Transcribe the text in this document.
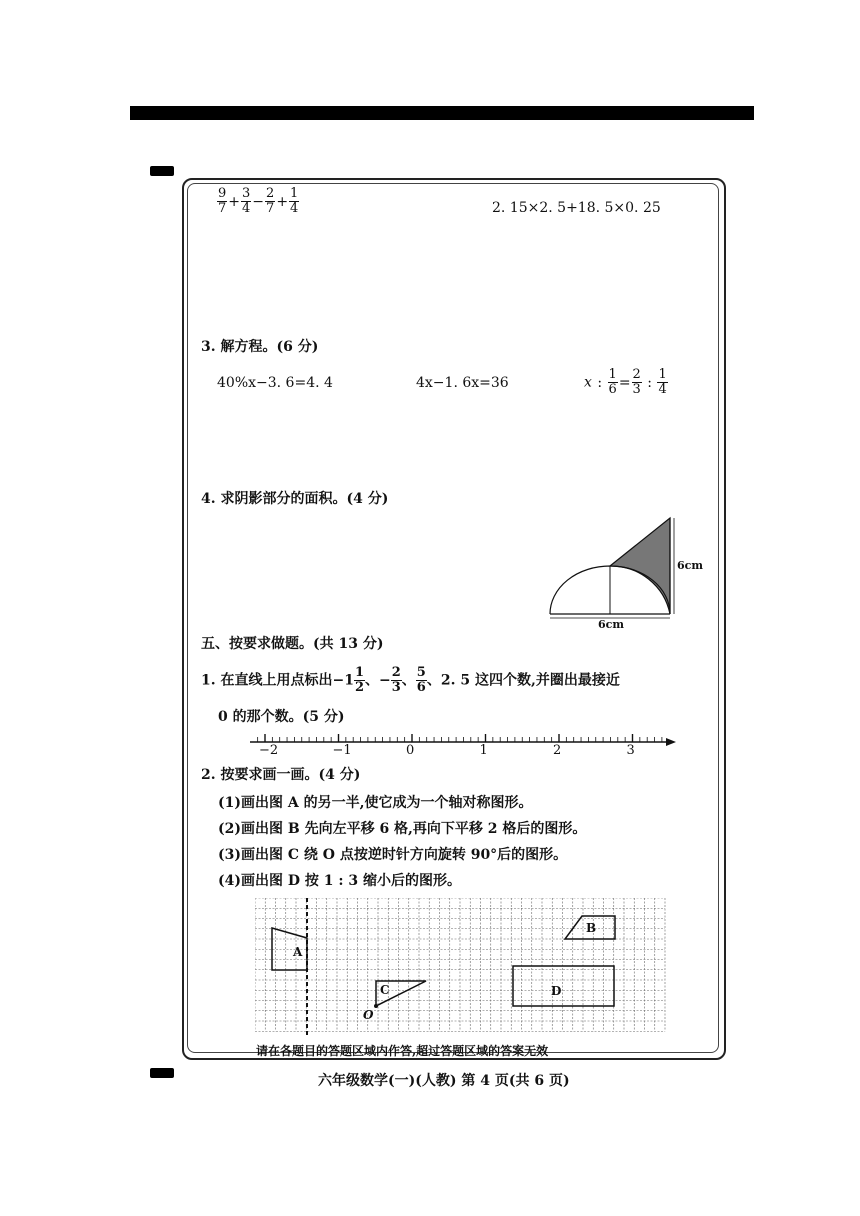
$\frac{9}{7} + \frac{3}{4} - \frac{2}{7} + \frac{1}{4}$	2. 15×2. 5+18. 5×0. 25
3. 解方程。(6 分)
40%x−3. 6=4. 4	4x−1. 6x=36	x : $\frac{1}{6} = \frac{2}{3}$ : $\frac{1}{4}$
4. 求阴影部分的面积。(4 分)
6cm
6cm
五、按要求做题。(共 13 分)
1. 在直线上用点标出$-1 \frac{1}{2}$ 、− $\frac{2}{3}$ 、 $\frac{5}{6}$ 、2. 5 这四个数,并圈出最接近
0 的那个数。(5 分)
−2	−1	0	1	2	3
2. 按要求画一画。(4 分)
(1)画出图 A 的另一半,使它成为一个轴对称图形。
(2)画出图 B 先向左平移 6 格,再向下平移 2 格后的图形。
(3)画出图 C 绕 O 点按逆时针方向旋转 90°后的图形。
(4)画出图 D 按 1 : 3 缩小后的图形。
A
B
C	D
O
请在各题目的答题区域内作答,超过答题区域的答案无效
六年级数学(一)(人教) 第 4 页(共 6 页)
